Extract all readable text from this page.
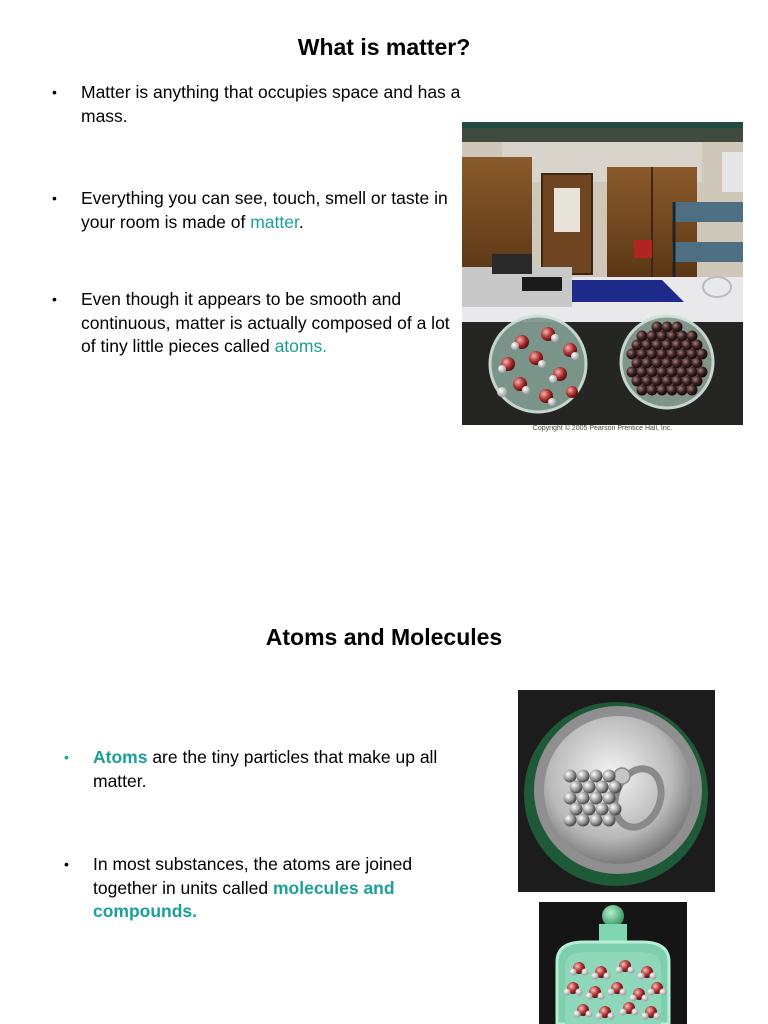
What is matter?
• Matter is anything that occupies space and has a mass.
• Everything you can see, touch, smell or taste in your room is made of matter.
• Even though it appears to be smooth and continuous, matter is actually composed of a lot of tiny little pieces called atoms.
Copyright © 2005 Pearson Prentice Hall, Inc.
Atoms and Molecules
• Atoms are the tiny particles that make up all matter.
• In most substances, the atoms are joined together in units called molecules and compounds.
